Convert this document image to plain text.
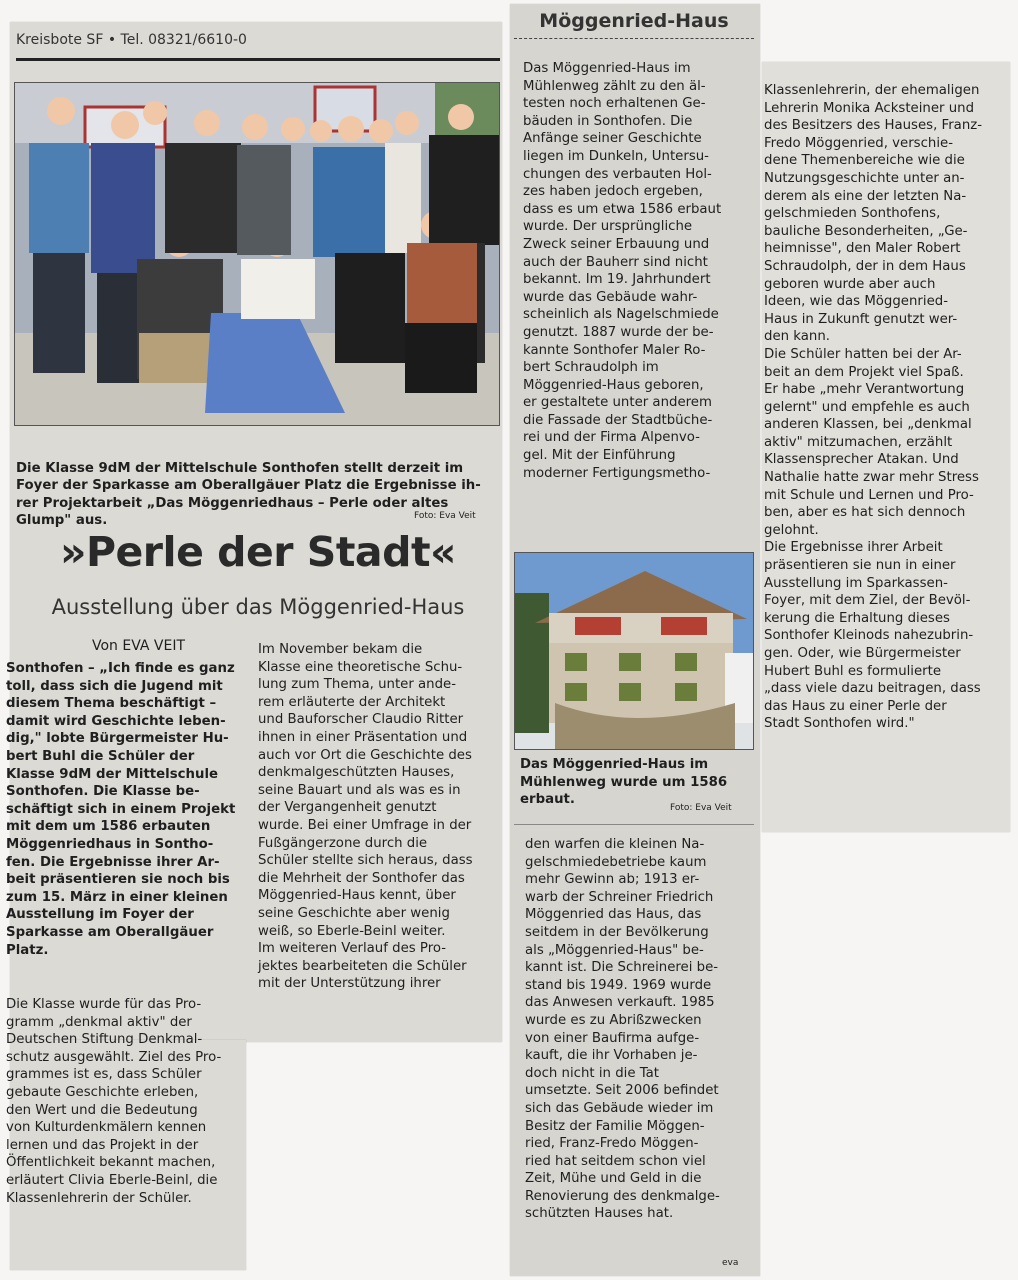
Kreisbote SF • Tel. 08321/6610-0

Die Klasse 9dM der Mittelschule Sonthofen stellt derzeit im
Foyer der Sparkasse am Oberallgäuer Platz die Ergebnisse ih-
rer Projektarbeit „Das Möggenriedhaus – Perle oder altes
Glump" aus.	Foto: Eva Veit
»Perle der Stadt«
Ausstellung über das Möggenried-Haus
Von EVA VEIT

Sonthofen – „Ich finde es ganz
toll, dass sich die Jugend mit
diesem Thema beschäftigt –
damit wird Geschichte leben-
dig," lobte Bürgermeister Hu-
bert Buhl die Schüler der
Klasse 9dM der Mittelschule
Sonthofen. Die Klasse be-
schäftigt sich in einem Projekt
mit dem um 1586 erbauten
Möggenriedhaus in Sontho-
fen. Die Ergebnisse ihrer Ar-
beit präsentieren sie noch bis
zum 15. März in einer kleinen
Ausstellung im Foyer der
Sparkasse am Oberallgäuer
Platz.

Die Klasse wurde für das Pro-
gramm „denkmal aktiv" der
Deutschen Stiftung Denkmal-
schutz ausgewählt. Ziel des Pro-
grammes ist es, dass Schüler
gebaute Geschichte erleben,
den Wert und die Bedeutung
von Kulturdenkmälern kennen
lernen und das Projekt in der
Öffentlichkeit bekannt machen,
erläutert Clivia Eberle-Beinl, die
Klassenlehrerin der Schüler.

Im November bekam die
Klasse eine theoretische Schu-
lung zum Thema, unter ande-
rem erläuterte der Architekt
und Bauforscher Claudio Ritter
ihnen in einer Präsentation und
auch vor Ort die Geschichte des
denkmalgeschützten Hauses,
seine Bauart und als was es in
der Vergangenheit genutzt
wurde. Bei einer Umfrage in der
Fußgängerzone durch die
Schüler stellte sich heraus, dass
die Mehrheit der Sonthofer das
Möggenried-Haus kennt, über
seine Geschichte aber wenig
weiß, so Eberle-Beinl weiter.
Im weiteren Verlauf des Pro-
jektes bearbeiteten die Schüler
mit der Unterstützung ihrer

Möggenried-Haus

Das Möggenried-Haus im
Mühlenweg zählt zu den äl-
testen noch erhaltenen Ge-
bäuden in Sonthofen. Die
Anfänge seiner Geschichte
liegen im Dunkeln, Untersu-
chungen des verbauten Hol-
zes haben jedoch ergeben,
dass es um etwa 1586 erbaut
wurde. Der ursprüngliche
Zweck seiner Erbauung und
auch der Bauherr sind nicht
bekannt. Im 19. Jahrhundert
wurde das Gebäude wahr-
scheinlich als Nagelschmiede
genutzt. 1887 wurde der be-
kannte Sonthofer Maler Ro-
bert Schraudolph im
Möggenried-Haus geboren,
er gestaltete unter anderem
die Fassade der Stadtbüche-
rei und der Firma Alpenvo-
gel. Mit der Einführung
moderner Fertigungsmetho-

Das Möggenried-Haus im
Mühlenweg wurde um 1586
erbaut.
Foto: Eva Veit

den warfen die kleinen Na-
gelschmiedebetriebe kaum
mehr Gewinn ab; 1913 er-
warb der Schreiner Friedrich
Möggenried das Haus, das
seitdem in der Bevölkerung
als „Möggenried-Haus" be-
kannt ist. Die Schreinerei be-
stand bis 1949. 1969 wurde
das Anwesen verkauft. 1985
wurde es zu Abrißzwecken
von einer Baufirma aufge-
kauft, die ihr Vorhaben je-
doch nicht in die Tat
umsetzte. Seit 2006 befindet
sich das Gebäude wieder im
Besitz der Familie Möggen-
ried, Franz-Fredo Möggen-
ried hat seitdem schon viel
Zeit, Mühe und Geld in die
Renovierung des denkmalge-
schützten Hauses hat.

eva

Klassenlehrerin, der ehemaligen
Lehrerin Monika Acksteiner und
des Besitzers des Hauses, Franz-
Fredo Möggenried, verschie-
dene Themenbereiche wie die
Nutzungsgeschichte unter an-
derem als eine der letzten Na-
gelschmieden Sonthofens,
bauliche Besonderheiten, „Ge-
heimnisse", den Maler Robert
Schraudolph, der in dem Haus
geboren wurde aber auch
Ideen, wie das Möggenried-
Haus in Zukunft genutzt wer-
den kann.
Die Schüler hatten bei der Ar-
beit an dem Projekt viel Spaß.
Er habe „mehr Verantwortung
gelernt" und empfehle es auch
anderen Klassen, bei „denkmal
aktiv" mitzumachen, erzählt
Klassensprecher Atakan. Und
Nathalie hatte zwar mehr Stress
mit Schule und Lernen und Pro-
ben, aber es hat sich dennoch
gelohnt.
Die Ergebnisse ihrer Arbeit
präsentieren sie nun in einer
Ausstellung im Sparkassen-
Foyer, mit dem Ziel, der Bevöl-
kerung die Erhaltung dieses
Sonthofer Kleinods nahezubrin-
gen. Oder, wie Bürgermeister
Hubert Buhl es formulierte
„dass viele dazu beitragen, dass
das Haus zu einer Perle der
Stadt Sonthofen wird."
